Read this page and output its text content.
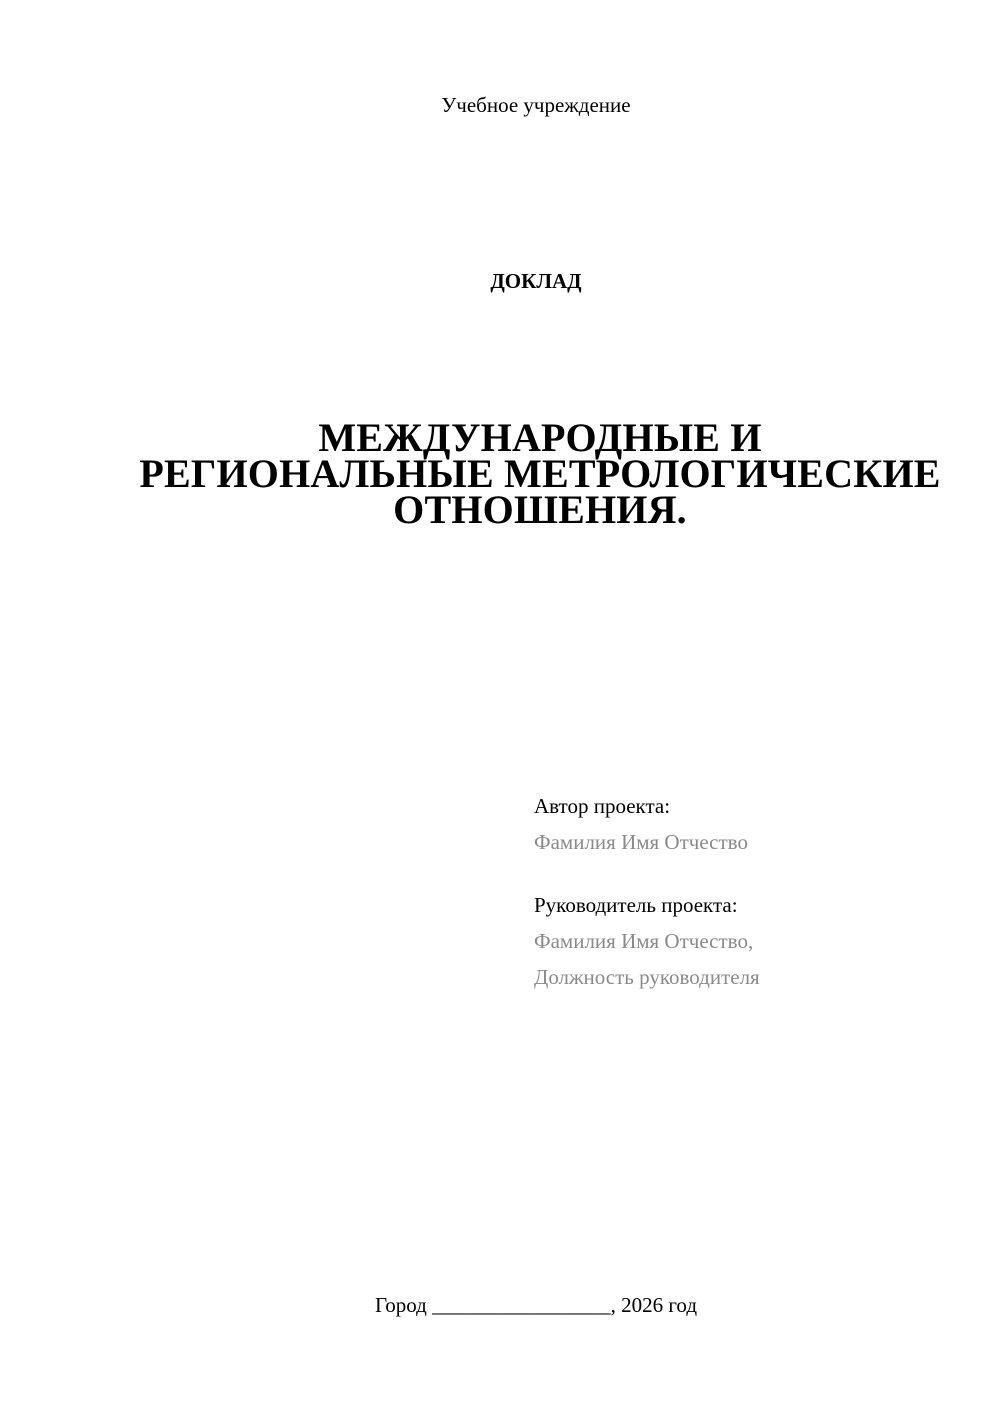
Учебное учреждение
ДОКЛАД
МЕЖДУНАРОДНЫЕ И
РЕГИОНАЛЬНЫЕ МЕТРОЛОГИЧЕСКИЕ
ОТНОШЕНИЯ.
Автор проекта:
Фамилия Имя Отчество
Руководитель проекта:
Фамилия Имя Отчество,
Должность руководителя
Город _________________, 2026 год
